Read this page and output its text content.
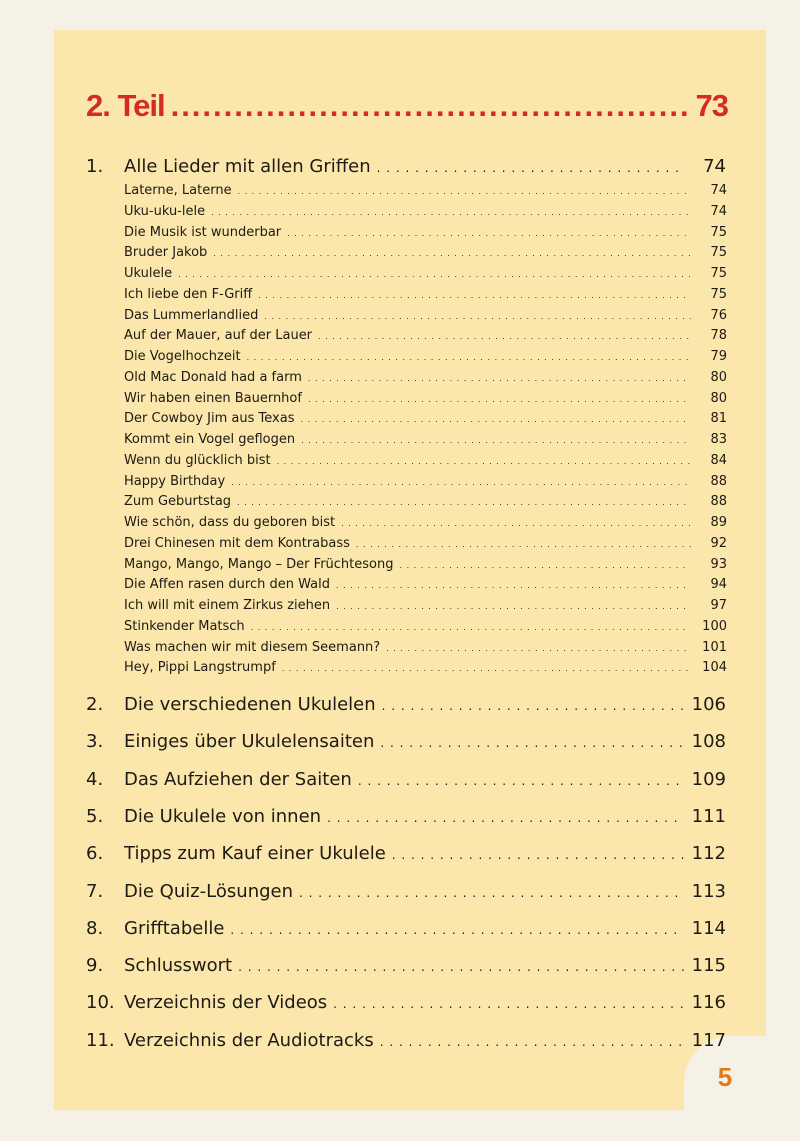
5
2. Teil .....	73
1.	Alle Lieder mit allen Griffen . . .	74
Laterne, Laterne . . .	74
Uku-uku-lele . . .	74
Die Musik ist wunderbar . . .	75
Bruder Jakob . . .	75
Ukulele . . .	75
Ich liebe den F-Griff . . .	75
Das Lummerlandlied . . .	76
Auf der Mauer, auf der Lauer . . .	78
Die Vogelhochzeit . . .	79
Old Mac Donald had a farm . . .	80
Wir haben einen Bauernhof . . .	80
Der Cowboy Jim aus Texas . . .	81
Kommt ein Vogel geflogen . . .	83
Wenn du glücklich bist . . .	84
Happy Birthday . . .	88
Zum Geburtstag . . .	88
Wie schön, dass du geboren bist . . .	89
Drei Chinesen mit dem Kontrabass . . .	92
Mango, Mango, Mango – Der Früchtesong . . .	93
Die Affen rasen durch den Wald . . .	94
Ich will mit einem Zirkus ziehen . . .	97
Stinkender Matsch . . .	100
Was machen wir mit diesem Seemann? . . .	101
Hey, Pippi Langstrumpf . . .	104
2.	Die verschiedenen Ukulelen . . .	106
3.	Einiges über Ukulelensaiten . . .	108
4.	Das Aufziehen der Saiten . . .	109
5.	Die Ukulele von innen . . .	111
6.	Tipps zum Kauf einer Ukulele . . .	112
7.	Die Quiz-Lösungen . . .	113
8.	Grifftabelle . . .	114
9.	Schlusswort . . .	115
10. Verzeichnis der Videos . . .	116
11. Verzeichnis der Audiotracks . . .	117
